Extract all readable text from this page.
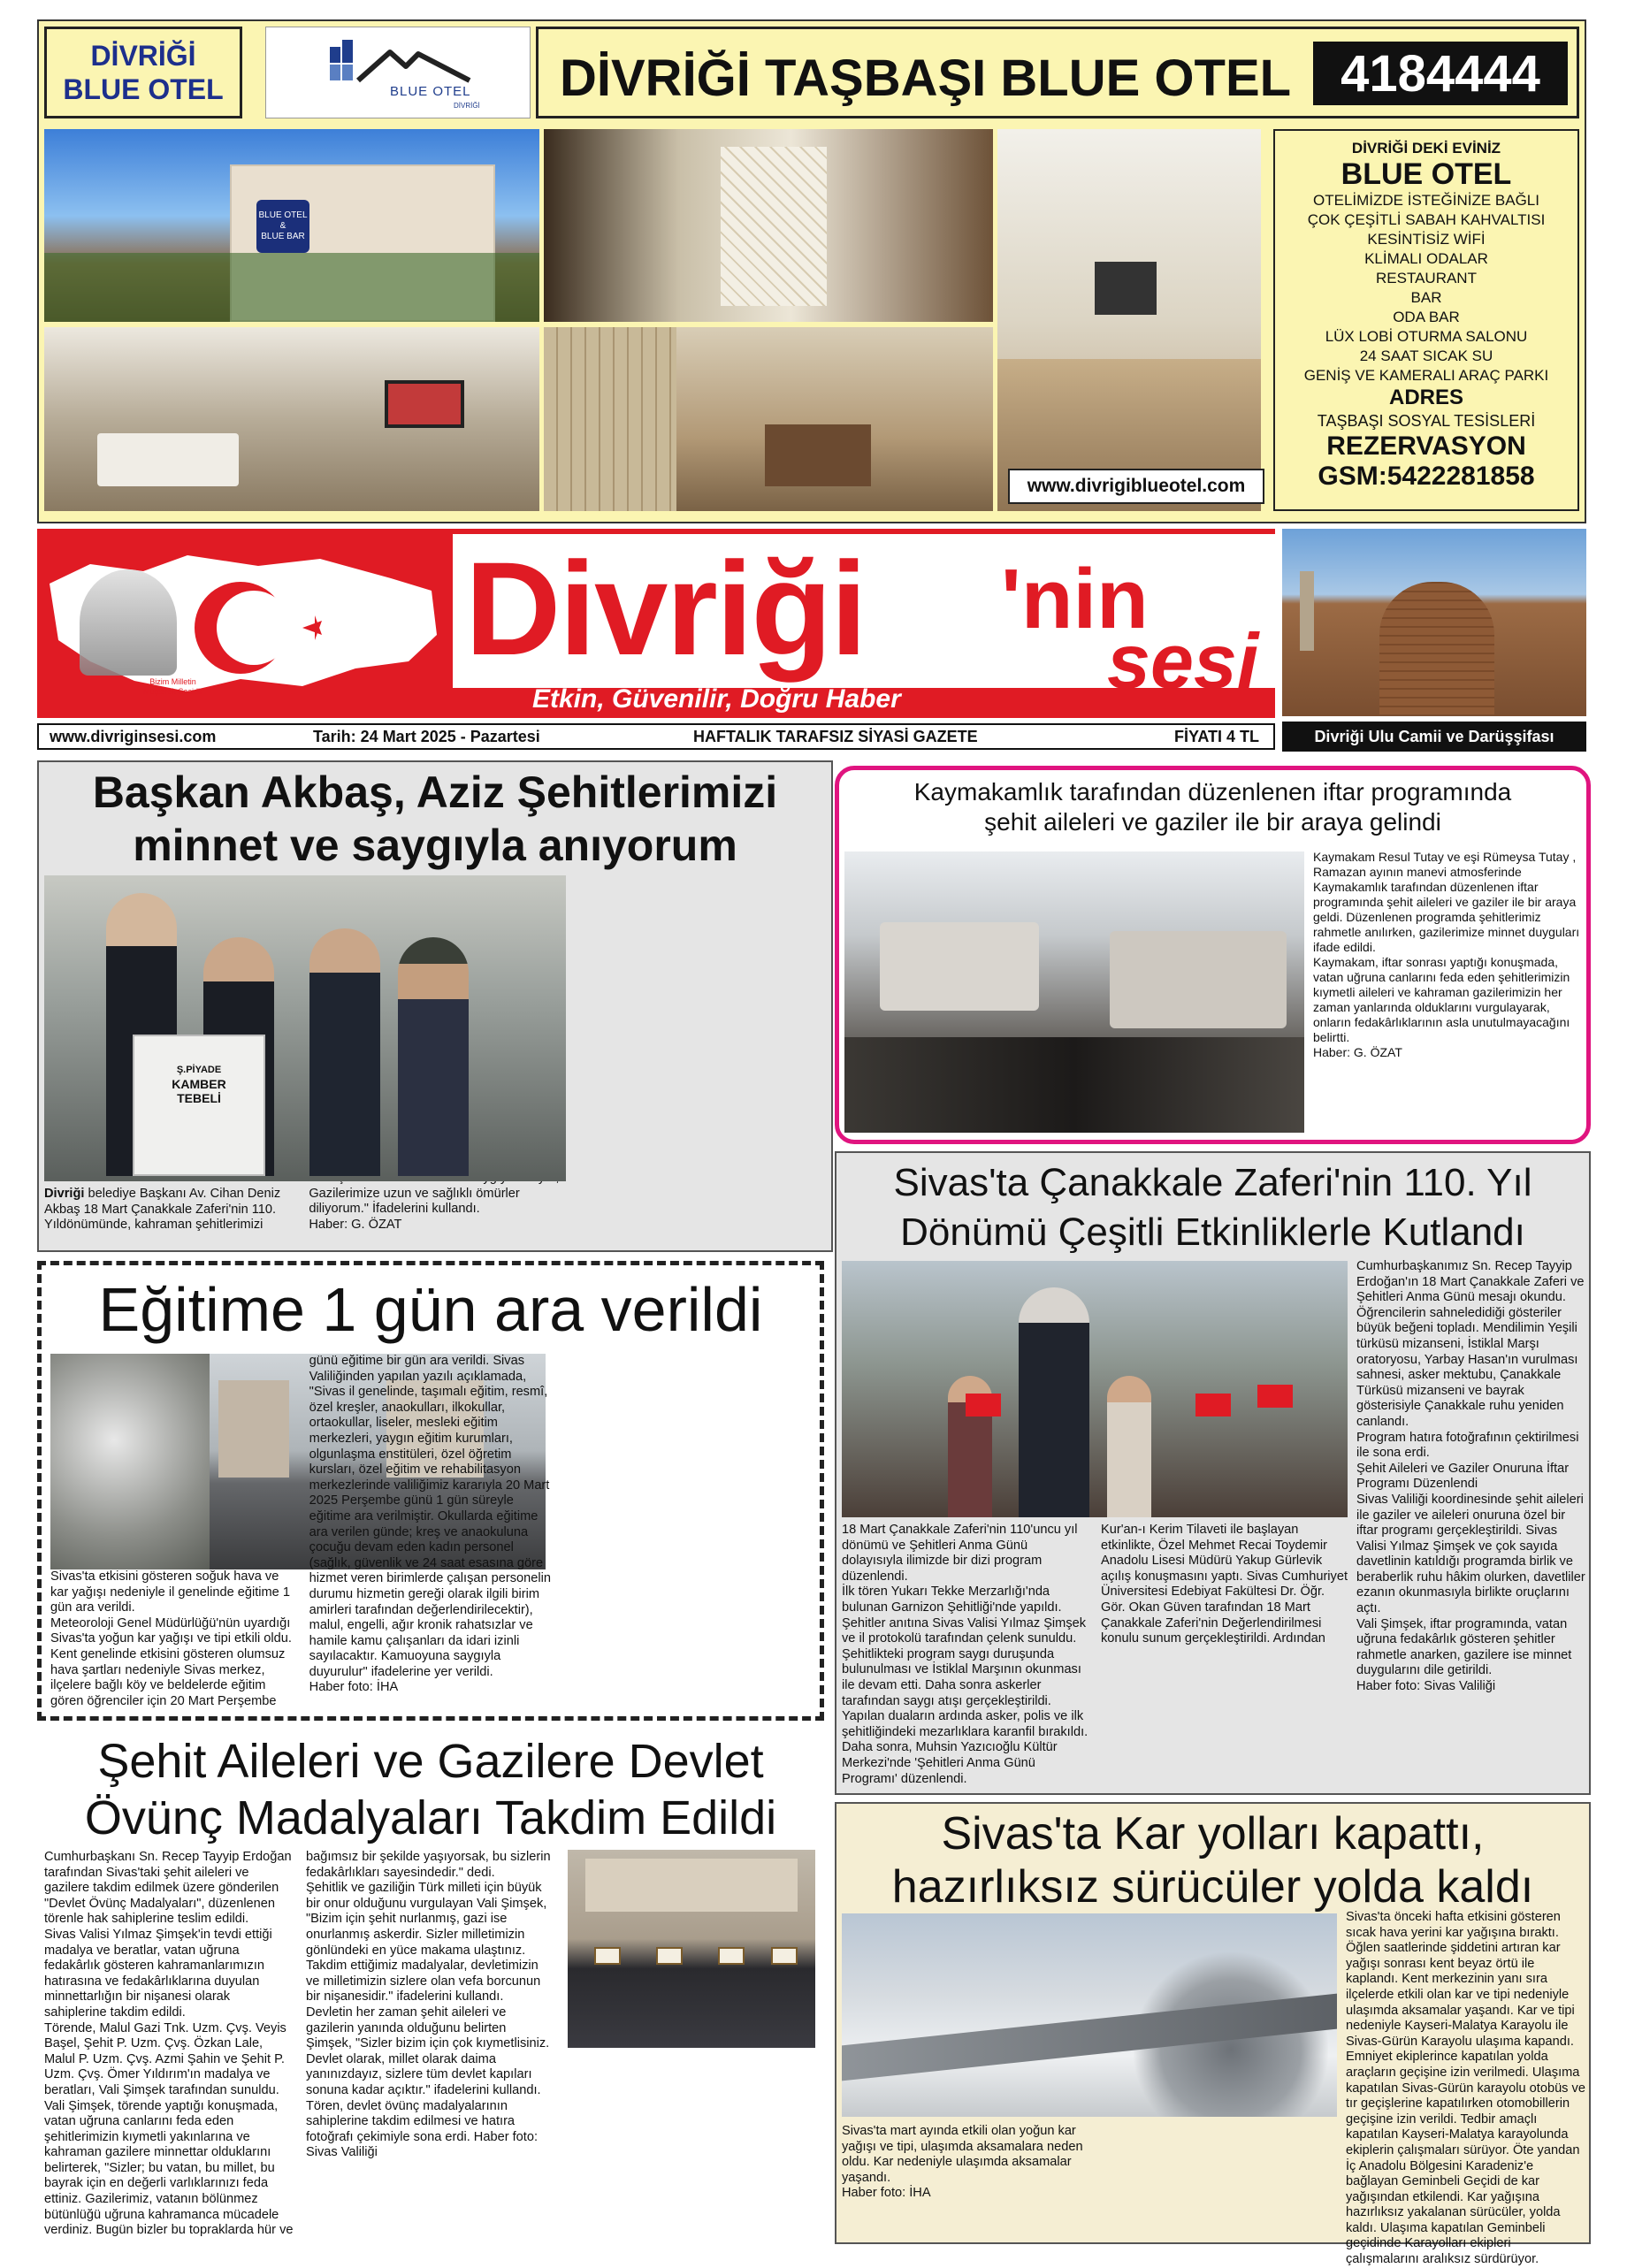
DİVRİĞİ
BLUE OTEL	BLUE OTEL
DİVRİĞİ DİVRİĞİ TAŞBAŞI BLUE OTEL 4184444
BLUE OTEL
&
BLUE BAR
www.divrigiblueotel.com
DİVRİĞİ DEKİ EVİNİZ
BLUE OTEL
OTELİMİZDE İSTEĞİNİZE BAĞLI
ÇOK ÇEŞİTLİ SABAH KAHVALTISI
KESİNTİSİZ WİFİ
KLİMALI ODALAR
RESTAURANT
BAR
ODA BAR
LÜX LOBİ OTURMA SALONU
24 SAAT SICAK SU
GENİŞ VE KAMERALI ARAÇ PARKI
ADRES
TAŞBAŞI SOSYAL TESİSLERİ
REZERVASYON
GSM:5422281858
Bizim Milletin
Müşterek Sesidir
Divriği 'nin
sesi
Etkin, Güvenilir, Doğru Haber
www.divriginsesi.com	Tarih: 24 Mart 2025 - Pazartesi	HAFTALIK TARAFSIZ SİYASİ GAZETE	FİYATI 4 TL	Divriği Ulu Camii ve Darüşşifası
Başkan Akbaş, Aziz Şehitlerimizi
minnet ve saygıyla anıyorum
Ş.PİYADE
KAMBER
TEBELİ

Divriği belediye Başkanı Av. Cihan Deniz Akbaş 18 Mart Çanakkale Zaferi'nin 110. Yıldönümünde, kahraman şehitlerimizi

Gazilerimize uzun ve sağlıklı ömürler diliyorum." İfadelerini kullandı.

Haber: G. ÖZAT

Kaymakamlık tarafından düzenlenen iftar programında
şehit aileleri ve gaziler ile bir araya gelindi

Kaymakam Resul Tutay ve eşi Rümeysa Tutay , Ramazan ayının manevi atmosferinde Kaymakamlık tarafından düzenlenen iftar programında şehit aileleri ve gaziler ile bir araya geldi. Düzenlenen programda şehitlerimiz rahmetle anılırken, gazilerimize minnet duyguları ifade edildi.

Kaymakam, iftar sonrası yaptığı konuşmada, vatan uğruna canlarını feda eden şehitlerimizin kıymetli aileleri ve kahraman gazilerimizin her zaman yanlarında olduklarını vurgulayarak, onların fedakârlıklarının asla unutulmayacağını belirtti.

Haber: G. ÖZAT

Sivas'ta Çanakkale Zaferi'nin 110. Yıl
Dönümü Çeşitli Etkinliklerle Kutlandı

Cumhurbaşkanımız Sn. Recep Tayyip Erdoğan'ın 18 Mart Çanakkale Zaferi ve Şehitleri Anma Günü mesajı okundu.

Öğrencilerin sahneledidiği gösteriler büyük beğeni topladı. Mendilimin Yeşili türküsü mizanseni, İstiklal Marşı oratoryosu, Yarbay Hasan'ın vurulması sahnesi, asker mektubu, Çanakkale Türküsü mizanseni ve bayrak gösterisiyle Çanakkale ruhu yeniden canlandı.

Program hatıra fotoğrafının çektirilmesi ile sona erdi.

Şehit Aileleri ve Gaziler Onuruna İftar Programı Düzenlendi

Sivas Valiliği koordinesinde şehit aileleri ile gaziler ve aileleri onuruna özel bir iftar programı gerçekleştirildi. Sivas Valisi Yılmaz Şimşek ve çok sayıda davetlinin katıldığı programda birlik ve beraberlik ruhu hâkim olurken, davetliler ezanın okunmasıyla birlikte oruçlarını açtı.

Vali Şimşek, iftar programında, vatan uğruna fedakârlık gösteren şehitler rahmetle anarken, gazilere ise minnet duygularını dile getirildi.

Haber foto: Sivas Valiliği

18 Mart Çanakkale Zaferi'nin 110'uncu yıl dönümü ve Şehitleri Anma Günü dolayısıyla ilimizde bir dizi program düzenlendi.

İlk tören Yukarı Tekke Merzarlığı'nda bulunan Garnizon Şehitliği'nde yapıldı. Şehitler anıtına Sivas Valisi Yılmaz Şimşek ve il protokolü tarafından çelenk sunuldu. Şehitlikteki program saygı duruşunda bulunulması ve İstiklal Marşının okunması ile devam etti. Daha sonra askerler tarafından saygı atışı gerçekleştirildi. Yapılan duaların ardında asker, polis ve ilk şehitliğindeki mezarlıklara karanfil bırakıldı.

Daha sonra, Muhsin Yazıcıoğlu Kültür Merkezi'nde 'Şehitleri Anma Günü Programı' düzenlendi.

Kur'an-ı Kerim Tilaveti ile başlayan etkinlikte, Özel Mehmet Recai Toydemir Anadolu Lisesi Müdürü Yakup Gürlevik açılış konuşmasını yaptı. Sivas Cumhuriyet Üniversitesi Edebiyat Fakültesi Dr. Öğr. Gör. Okan Güven tarafından 18 Mart Çanakkale Zaferi'nin Değerlendirilmesi konulu sunum gerçekleştirildi. Ardından

Eğitime 1 gün ara verildi

Sivas'ta etkisini gösteren soğuk hava ve kar yağışı nedeniyle il genelinde eğitime 1 gün ara verildi.

Meteoroloji Genel Müdürlüğü'nün uyardığı Sivas'ta yoğun kar yağışı ve tipi etkili oldu. Kent genelinde etkisini gösteren olumsuz hava şartları nedeniyle Sivas merkez, ilçelere bağlı köy ve beldelerde eğitim gören öğrenciler için 20 Mart Perşembe günü eğitime bir gün ara verildi. Sivas Valiliğinden yapılan yazılı açıklamada, "Sivas il genelinde, taşımalı eğitim, resmî, özel kreşler, anaokulları, ilkokullar, ortaokullar, liseler, mesleki eğitim merkezleri, yaygın eğitim kurumları, olgunlaşma enstitüleri, özel öğretim kursları, özel eğitim ve rehabilitasyon merkezlerinde valiliğimiz kararıyla 20 Mart 2025 Perşembe günü 1 gün süreyle eğitime ara verilmiştir. Okullarda eğitime ara verilen günde; kreş ve anaokuluna çocuğu devam eden kadın personel (sağlık, güvenlik ve 24 saat esasına göre hizmet veren birimlerde çalışan personelin durumu hizmetin gereği olarak ilgili birim amirleri tarafından değerlendirilecektir), malul, engelli, ağır kronik rahatsızlar ve hamile kamu çalışanları da idari izinli sayılacaktır. Kamuoyuna saygıyla duyurulur" ifadelerine yer verildi.

Haber foto: İHA

Şehit Aileleri ve Gazilere Devlet
Övünç Madalyaları Takdim Edildi

Cumhurbaşkanı Sn. Recep Tayyip Erdoğan tarafından Sivas'taki şehit aileleri ve gazilere takdim edilmek üzere gönderilen "Devlet Övünç Madalyaları", düzenlenen törenle hak sahiplerine teslim edildi.

Sivas Valisi Yılmaz Şimşek'in tevdi ettiği madalya ve beratlar, vatan uğruna fedakârlık gösteren kahramanlarımızın hatırasına ve fedakârlıklarına duyulan minnettarlığın bir nişanesi olarak sahiplerine takdim edildi.

Törende, Malul Gazi Tnk. Uzm. Çvş. Veyis Başel, Şehit P. Uzm. Çvş. Özkan Lale, Malul P. Uzm. Çvş. Azmi Şahin ve Şehit P. Uzm. Çvş. Ömer Yıldırım'ın madalya ve beratları, Vali Şimşek tarafından sunuldu.

Vali Şimşek, törende yaptığı konuşmada, vatan uğruna canlarını feda eden şehitlerimizin kıymetli yakınlarına ve kahraman gazilere minnettar olduklarını belirterek, "Sizler; bu vatan, bu millet, bu bayrak için en değerli varlıklarınızı feda ettiniz. Gazilerimiz, vatanın bölünmez bütünlüğü uğruna kahramanca mücadele verdiniz. Bugün bizler bu topraklarda hür ve bağımsız bir şekilde yaşıyorsak, bu sizlerin fedakârlıkları sayesindedir." dedi.

Şehitlik ve gaziliğin Türk milleti için büyük bir onur olduğunu vurgulayan Vali Şimşek, "Bizim için şehit nurlanmış, gazi ise onurlanmış askerdir. Sizler milletimizin gönlündeki en yüce makama ulaştınız. Takdim ettiğimiz madalyalar, devletimizin ve milletimizin sizlere olan vefa borcunun bir nişanesidir." ifadelerini kullandı.

Devletin her zaman şehit aileleri ve gazilerin yanında olduğunu belirten Şimşek, "Sizler bizim için çok kıymetlisiniz. Devlet olarak, millet olarak daima yanınızdayız, sizlere tüm devlet kapıları sonuna kadar açıktır." ifadelerini kullandı.

Tören, devlet övünç madalyalarının sahiplerine takdim edilmesi ve hatıra fotoğrafı çekimiyle sona erdi. Haber foto: Sivas Valiliği

Sivas'ta Kar yolları kapattı,
hazırlıksız sürücüler yolda kaldı

Sivas'ta önceki hafta etkisini gösteren sıcak hava yerini kar yağışına bıraktı. Öğlen saatlerinde şiddetini artıran kar yağışı sonrası kent beyaz örtü ile kaplandı. Kent merkezinin yanı sıra ilçelerde etkili olan kar ve tipi nedeniyle ulaşımda aksamalar yaşandı. Kar ve tipi nedeniyle Kayseri-Malatya Karayolu ile Sivas-Gürün Karayolu ulaşıma kapandı. Emniyet ekiplerince kapatılan yolda araçların geçişine izin verilmedi. Ulaşıma kapatılan Sivas-Gürün karayolu otobüs ve tır geçişlerine kapatılırken otomobillerin geçişine izin verildi. Tedbir amaçlı kapatılan Kayseri-Malatya karayolunda ekiplerin çalışmaları sürüyor. Öte yandan İç Anadolu Bölgesini Karadeniz'e bağlayan Geminbeli Geçidi de kar yağışından etkilendi. Kar yağışına hazırlıksız yakalanan sürücüler, yolda kaldı. Ulaşıma kapatılan Geminbeli geçidinde Karayolları ekipleri çalışmalarını aralıksız sürdürüyor.

Sivas'ta mart ayında etkili olan yoğun kar yağışı ve tipi, ulaşımda aksamalara neden oldu. Kar nedeniyle ulaşımda aksamalar yaşandı.

Haber foto: İHA
